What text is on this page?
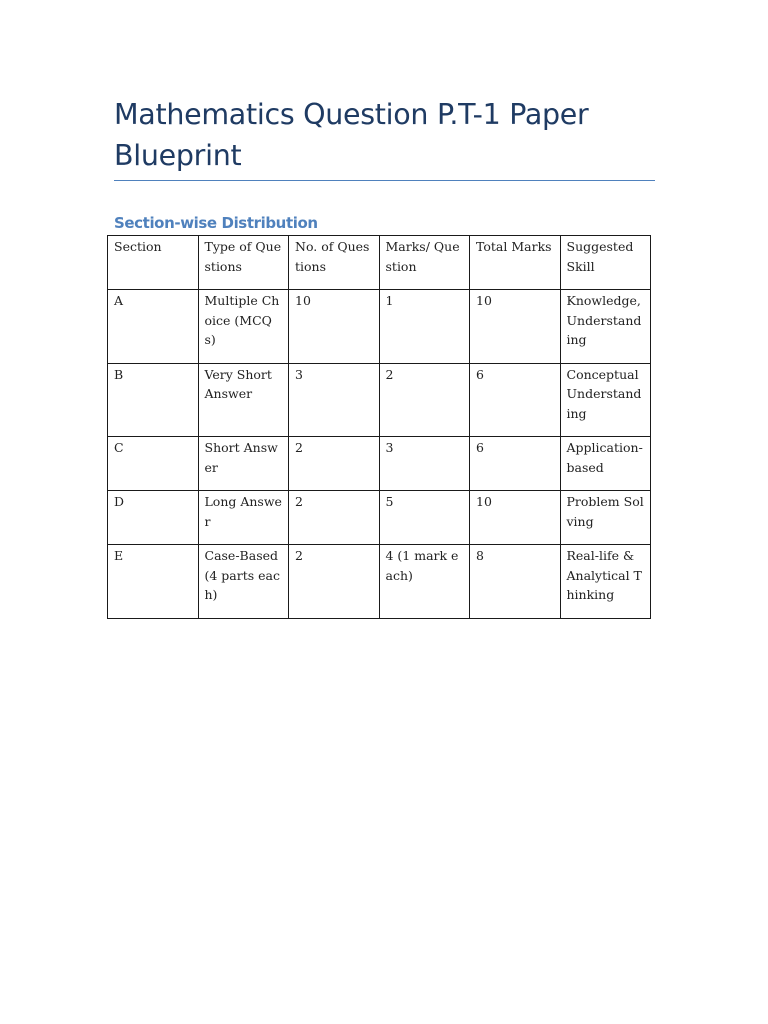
Mathematics Question P.T-1 Paper Blueprint
Section-wise Distribution
Section	Type of Questions	No. of Questions	Marks/ Question	Total Marks	Suggested Skill
A	Multiple Choice (MCQs)	10	1	10	Knowledge, Understanding
B	Very Short Answer	3	2	6	Conceptual Understanding
C	Short Answer	2	3	6	Application-based
D	Long Answer	2	5	10	Problem Solving
E	Case-Based (4 parts each)	2	4 (1 mark each)	8	Real-life & Analytical Thinking
